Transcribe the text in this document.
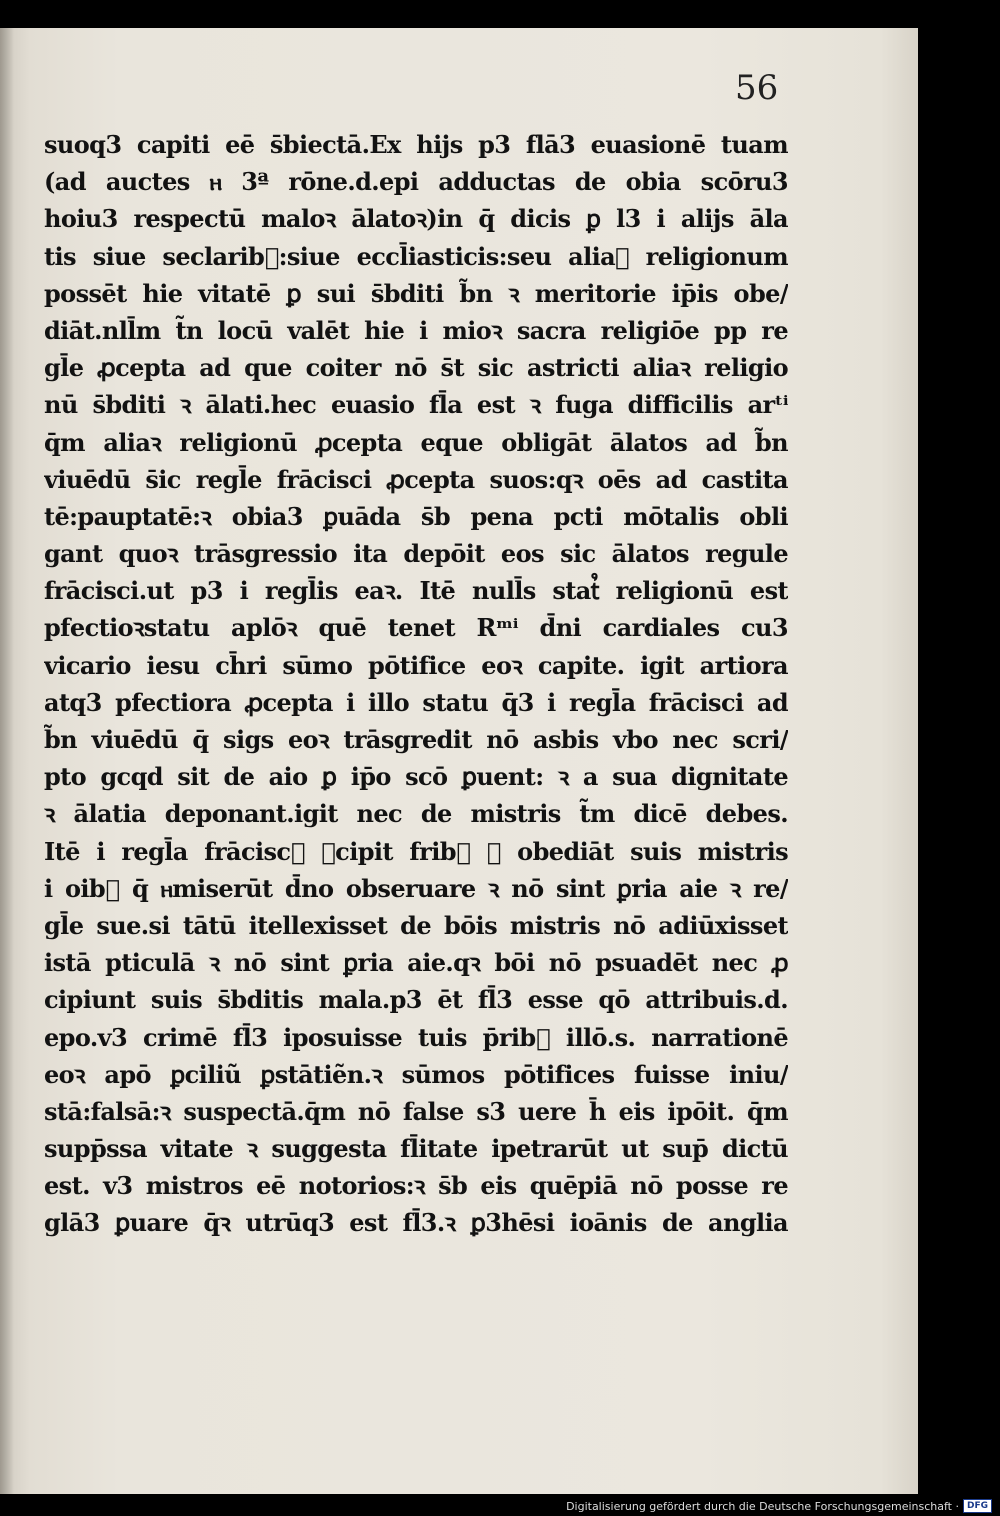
56
suoq3 capiti eē s̄biectā.Ex hijs p3 flā3 euasionē tuam
(ad auctes ⲏ 3ª rōne.d.epi adductas de obia scōru3
hoiu3 respectū maloꝛ ālatoꝛ)in q̄ dicis ꝑ l3 i alijs āla
tis siue seclarib᷒:siue eccl̄iasticis:seu aliaꝛ religionum
possēt hie vitatē ꝑ sui s̄bditi b̃n ꝛ meritorie ip̄is obe/
diāt.nll̄m t̃n locū valēt hie i mioꝛ sacra religiōe pp re
gl̄e ꝓcepta ad que coiter nō s̄t sic astricti aliaꝛ religio
nū s̄bditi ꝛ ālati.hec euasio fl̄a est ꝛ fuga difficilis arᵗⁱ
q̄m aliaꝛ religionū ꝓcepta eque obligāt ālatos ad b̃n
viuēdū s̄ic regl̄e frācisci ꝓcepta suos:qꝛ oēs ad castita
tē:pauptatē:ꝛ obia3 ꝑuāda s̄b pena pcti mōtalis obli
gant quoꝛ trāsgressio ita depōit eos sic ālatos regule
frācisci.ut p3 i regl̄is eaꝛ. Itē null̄s stat᷒ religionū est
pfectioꝛstatu aplōꝛ quē tenet Rᵐⁱ d̄ni cardiales cu3
vicario iesu ch̄ri sūmo pōtifice eoꝛ capite. igit artiora
atq3 pfectiora ꝓcepta i illo statu q̄3 i regl̄a frācisci ad
b̃n viuēdū q̄ sigs eoꝛ trāsgredit nō asbis vbo nec scri/
pto gcqd sit de aio ꝑ ip̄o scō ꝑuent: ꝛ a sua dignitate
ꝛ ālatia deponant.igit nec de mistris t̃m dicē debes.
Itē i regl̄a frācisc᷒ ꝓcipit frib᷒ ꝑ obediāt suis mistris
i oib᷒ q̄ ⲏmiserūt d̄no obseruare ꝛ nō sint ꝑria aie ꝛ re/
gl̄e sue.si tātū itellexisset de bōis mistris nō adiūxisset
istā pticulā ꝛ nō sint ꝑria aie.qꝛ bōi nō psuadēt nec ꝓ
cipiunt suis s̄bditis mala.p3 ēt fl̄3 esse qō attribuis.d.
epo.v3 crimē fl̄3 iposuisse tuis p̄rib᷒ illō.s. narrationē
eoꝛ apō ꝑciliũ ꝑstātiẽn.ꝛ sūmos pōtifices fuisse iniu/
stā:falsā:ꝛ suspectā.q̄m nō false s3 uere h̄ eis ipōit. q̄m
supp̄ssa vitate ꝛ suggesta fl̄itate ipetrarūt ut sup̄ dictū
est. v3 mistros eē notorios:ꝛ s̄b eis quēpiā nō posse re
glā3 ꝑuare q̄ꝛ utrūq3 est fl̄3.ꝛ ꝑ3hēsi ioānis de anglia
Digitalisierung gefördert durch die Deutsche Forschungsgemeinschaft · DFG
